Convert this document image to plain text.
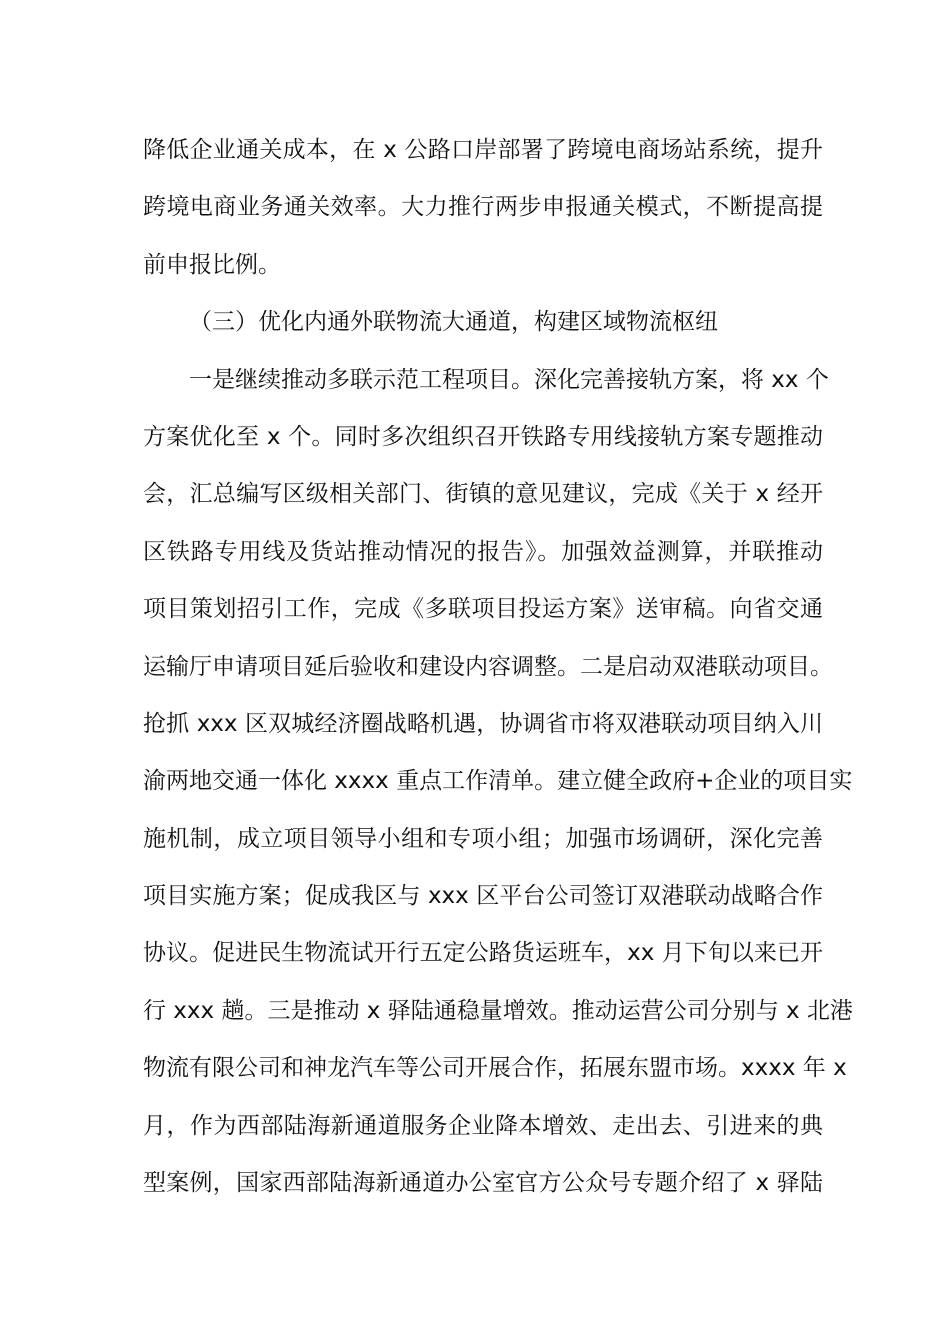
降低企业通关成本，在 x 公路口岸部署了跨境电商场站系统，提升
跨境电商业务通关效率。大力推行两步申报通关模式，不断提高提
前申报比例。
（三）优化内通外联物流大通道，构建区域物流枢纽
一是继续推动多联示范工程项目。深化完善接轨方案，将 xx 个
方案优化至 x 个。同时多次组织召开铁路专用线接轨方案专题推动
会，汇总编写区级相关部门、街镇的意见建议，完成《关于 x 经开
区铁路专用线及货站推动情况的报告》。加强效益测算，并联推动
项目策划招引工作，完成《多联项目投运方案》送审稿。向省交通
运输厅申请项目延后验收和建设内容调整。二是启动双港联动项目。
抢抓 xxx 区双城经济圈战略机遇，协调省市将双港联动项目纳入川
渝两地交通一体化 xxxx 重点工作清单。建立健全政府+企业的项目实
施机制，成立项目领导小组和专项小组；加强市场调研，深化完善
项目实施方案；促成我区与 xxx 区平台公司签订双港联动战略合作
协议。促进民生物流试开行五定公路货运班车，xx 月下旬以来已开
行 xxx 趟。三是推动 x 驿陆通稳量增效。推动运营公司分别与 x 北港
物流有限公司和神龙汽车等公司开展合作，拓展东盟市场。xxxx 年 x
月，作为西部陆海新通道服务企业降本增效、走出去、引进来的典
型案例，国家西部陆海新通道办公室官方公众号专题介绍了 x 驿陆
